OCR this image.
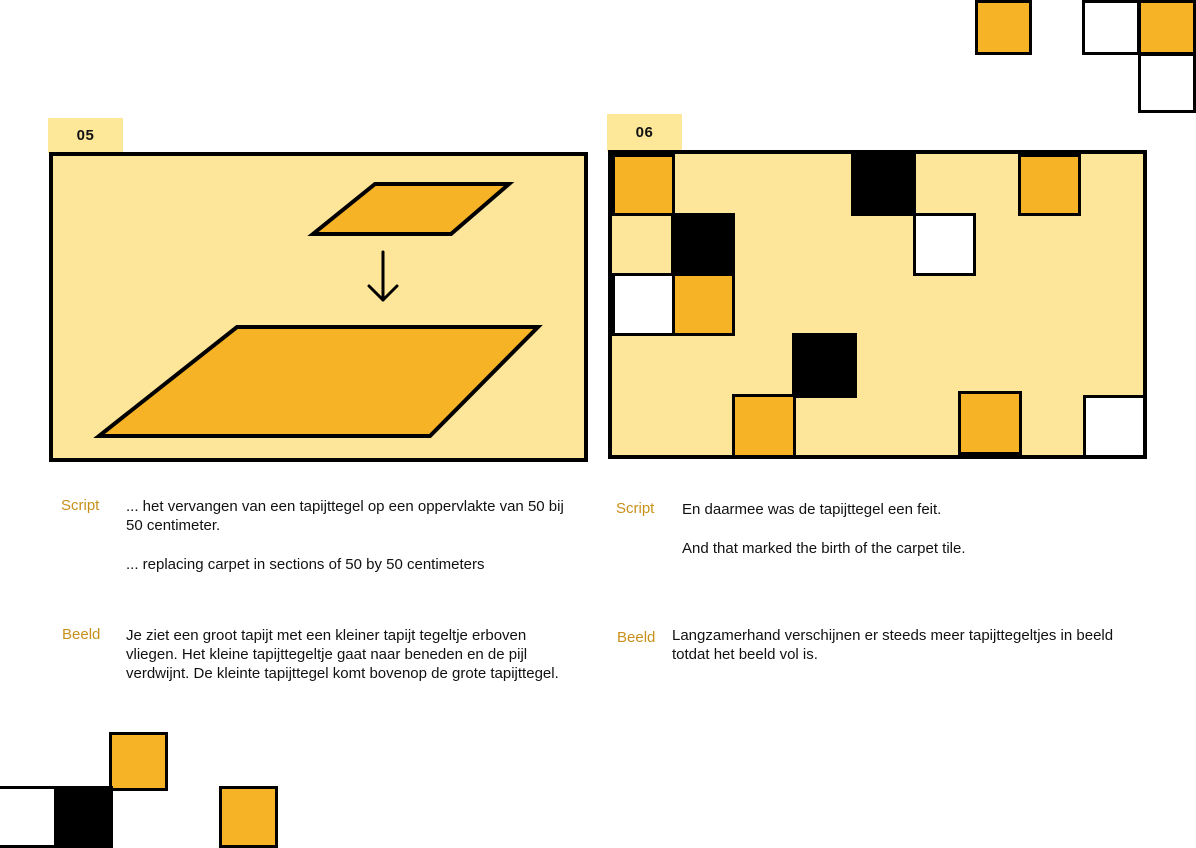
05
Script ... het vervangen van een tapijttegel op een oppervlakte van 50 bij 50 centimeter.
... replacing carpet in sections of 50 by 50 centimeters
Beeld Je ziet een groot tapijt met een kleiner tapijt tegeltje erboven vliegen. Het kleine tapijttegeltje gaat naar beneden en de pijl verdwijnt. De kleinte tapijttegel komt bovenop de grote tapijttegel.
06
Script En daarmee was de tapijttegel een feit.
And that marked the birth of the carpet tile.
Beeld Langzamerhand verschijnen er steeds meer tapijttegeltjes in beeld totdat het beeld vol is.
